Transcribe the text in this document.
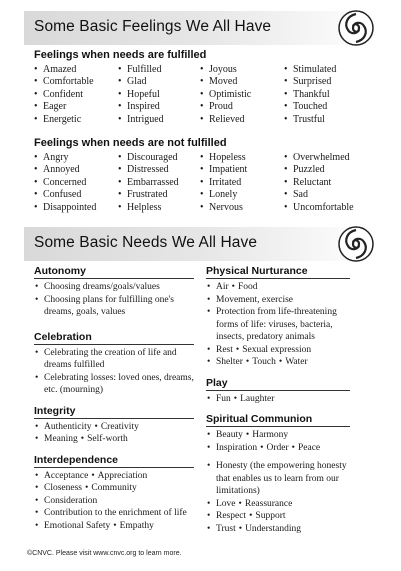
Some Basic Feelings We All Have
Feelings when needs are fulfilled
• Amazed	• Fulfilled	• Joyous	• Stimulated
• Comfortable	• Glad	• Moved	• Surprised
• Confident	• Hopeful	• Optimistic	• Thankful
• Eager	• Inspired	• Proud	• Touched
• Energetic	• Intrigued	• Relieved	• Trustful
Feelings when needs are not fulfilled
• Angry	• Discouraged	• Hopeless	• Overwhelmed
• Annoyed	• Distressed	• Impatient	• Puzzled
• Concerned	• Embarrassed	• Irritated	• Reluctant
• Confused	• Frustrated	• Lonely	• Sad
• Disappointed	• Helpless	• Nervous	• Uncomfortable
Some Basic Needs We All Have
Autonomy
• Choosing dreams/goals/values
• Choosing plans for fulfilling one's dreams, goals, values
Celebration
• Celebrating the creation of life and dreams fulfilled
• Celebrating losses: loved ones, dreams, etc. (mourning)
Integrity
• Authenticity • Creativity
• Meaning • Self-worth
Interdependence
• Acceptance • Appreciation
• Closeness • Community
• Consideration
• Contribution to the enrichment of life
• Emotional Safety • Empathy
Physical Nurturance
• Air • Food
• Movement, exercise
• Protection from life-threatening forms of life: viruses, bacteria, insects, predatory animals
• Rest • Sexual expression
• Shelter • Touch • Water
Play
• Fun • Laughter
Spiritual Communion
• Beauty • Harmony
• Inspiration • Order • Peace
• Honesty (the empowering honesty that enables us to learn from our limitations)
• Love • Reassurance
• Respect • Support
• Trust • Understanding
©CNVC. Please visit www.cnvc.org to learn more.
